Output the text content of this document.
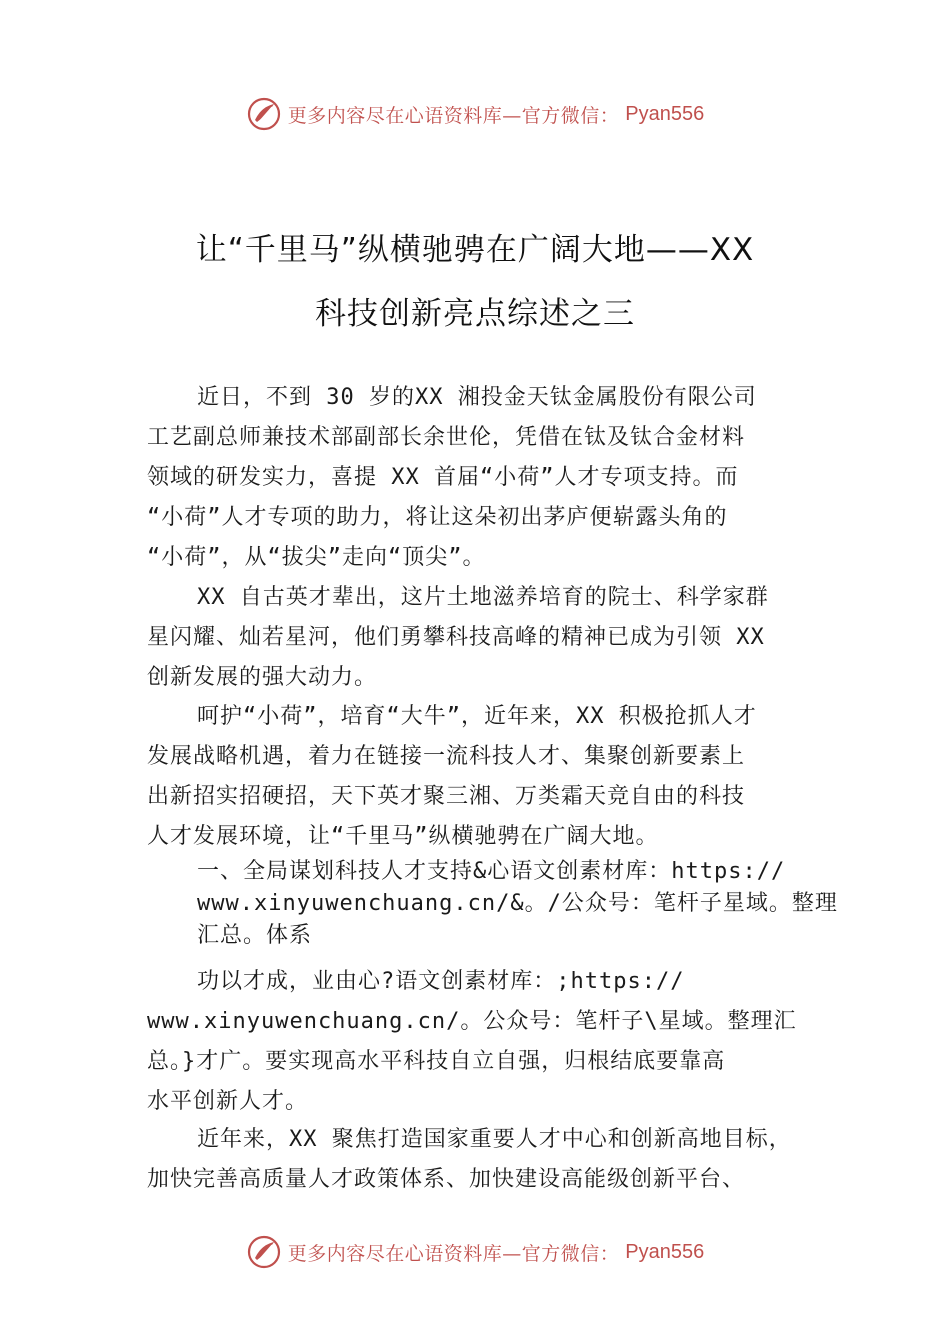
更多内容尽在心语资料库—官方微信： Pyan556
让“千里马”纵横驰骋在广阔大地——XX
科技创新亮点综述之三
近日，不到 30 岁的XX 湘投金天钛金属股份有限公司
工艺副总师兼技术部副部长余世伦，凭借在钛及钛合金材料
领域的研发实力，喜提 XX 首届“小荷”人才专项支持。而
“小荷”人才专项的助力，将让这朵初出茅庐便崭露头角的
“小荷”，从“拔尖”走向“顶尖”。
XX 自古英才辈出，这片土地滋养培育的院士、科学家群
星闪耀、灿若星河，他们勇攀科技高峰的精神已成为引领 XX
创新发展的强大动力。
呵护“小荷”，培育“大牛”，近年来，XX 积极抢抓人才
发展战略机遇，着力在链接一流科技人才、集聚创新要素上
出新招实招硬招，天下英才聚三湘、万类霜天竞自由的科技
人才发展环境，让“千里马”纵横驰骋在广阔大地。
一、全局谋划科技人才支持&心语文创素材库：https://
www.xinyuwenchuang.cn/&。/公众号：笔杆子星域。整理
汇总。体系
功以才成，业由心?语文创素材库：;https://
www.xinyuwenchuang.cn/。公众号：笔杆子\星域。整理汇
总。}才广。要实现高水平科技自立自强，归根结底要靠高
水平创新人才。
近年来，XX 聚焦打造国家重要人才中心和创新高地目标，
加快完善高质量人才政策体系、加快建设高能级创新平台、
更多内容尽在心语资料库—官方微信： Pyan556
